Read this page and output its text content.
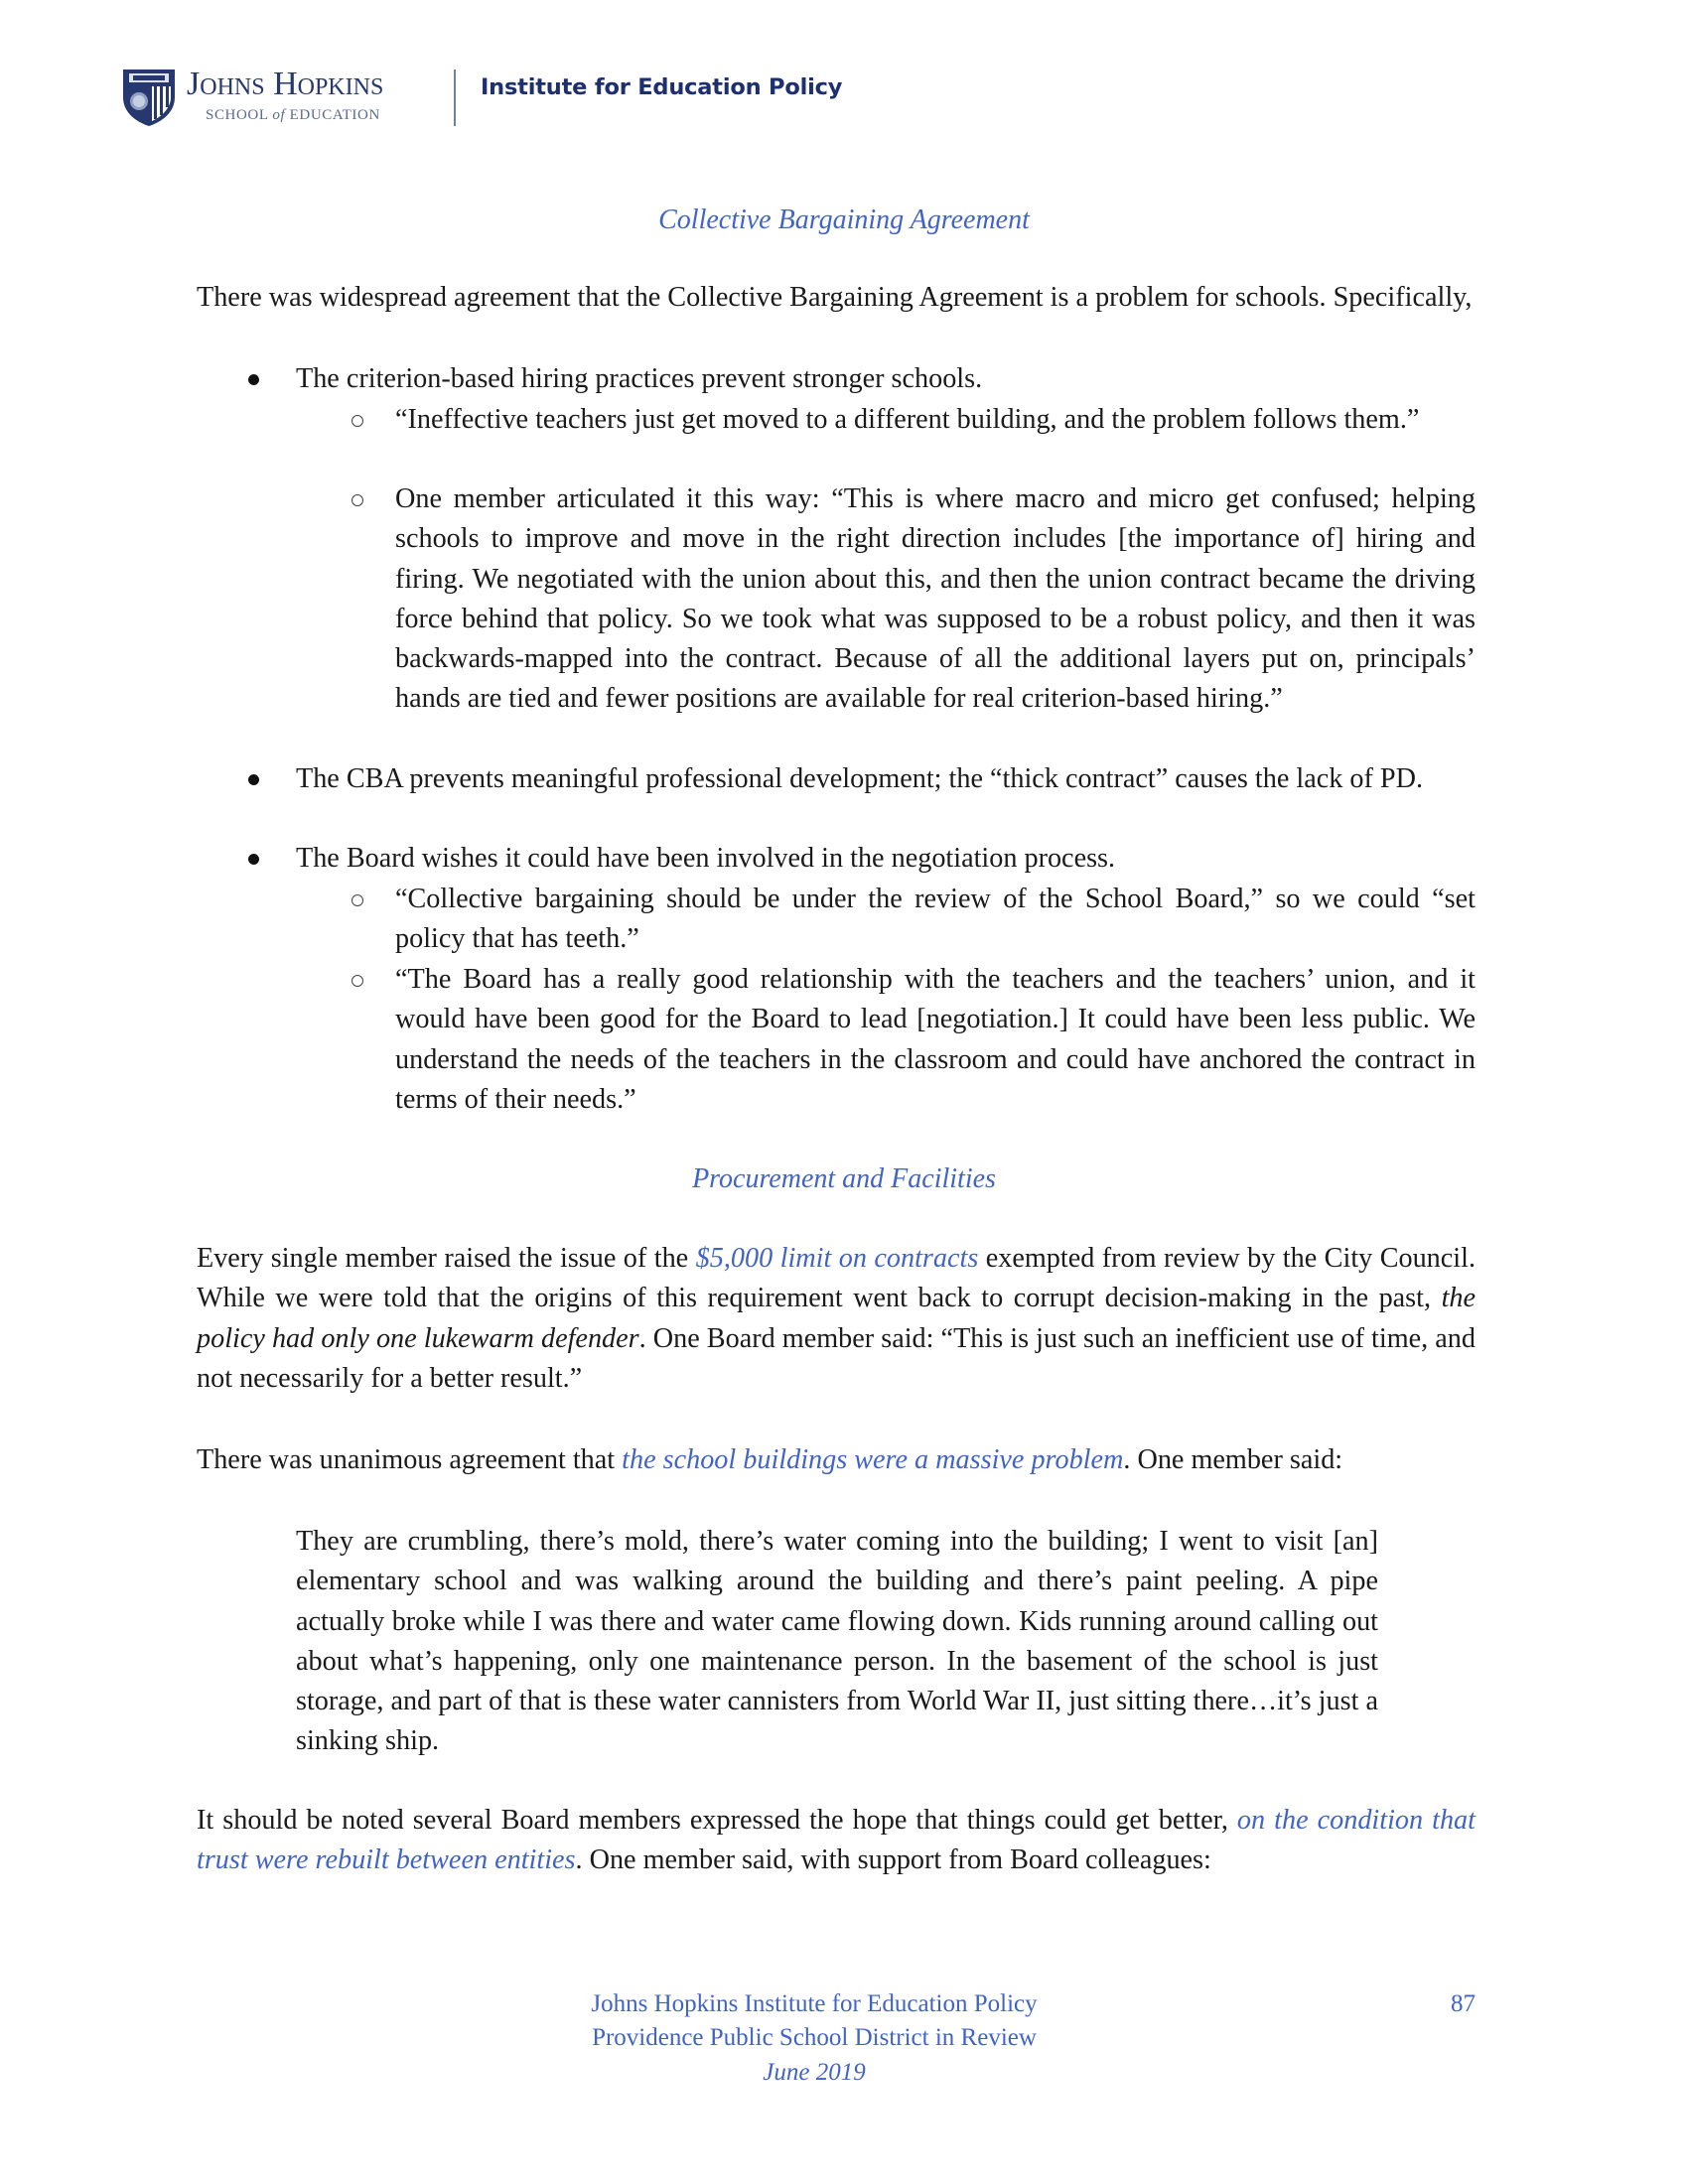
Johns Hopkins
SCHOOL of EDUCATION
Institute for Education Policy
Collective Bargaining Agreement
There was widespread agreement that the Collective Bargaining Agreement is a problem for schools. Specifically,
The criterion-based hiring practices prevent stronger schools.
“Ineffective teachers just get moved to a different building, and the problem follows them.”
One member articulated it this way: “This is where macro and micro get confused; helping schools to improve and move in the right direction includes [the importance of] hiring and firing. We negotiated with the union about this, and then the union contract became the driving force behind that policy. So we took what was supposed to be a robust policy, and then it was backwards-mapped into the contract. Because of all the additional layers put on, principals’ hands are tied and fewer positions are available for real criterion-based hiring.”
The CBA prevents meaningful professional development; the “thick contract” causes the lack of PD.
The Board wishes it could have been involved in the negotiation process.
“Collective bargaining should be under the review of the School Board,” so we could “set policy that has teeth.”
“The Board has a really good relationship with the teachers and the teachers’ union, and it would have been good for the Board to lead [negotiation.] It could have been less public. We understand the needs of the teachers in the classroom and could have anchored the contract in terms of their needs.”
Procurement and Facilities
Every single member raised the issue of the $5,000 limit on contracts exempted from review by the City Council. While we were told that the origins of this requirement went back to corrupt decision-making in the past, the policy had only one lukewarm defender. One Board member said: “This is just such an inefficient use of time, and not necessarily for a better result.”
There was unanimous agreement that the school buildings were a massive problem. One member said:
They are crumbling, there’s mold, there’s water coming into the building; I went to visit [an] elementary school and was walking around the building and there’s paint peeling. A pipe actually broke while I was there and water came flowing down. Kids running around calling out about what’s happening, only one maintenance person. In the basement of the school is just storage, and part of that is these water cannisters from World War II, just sitting there…it’s just a sinking ship.
It should be noted several Board members expressed the hope that things could get better, on the condition that trust were rebuilt between entities. One member said, with support from Board colleagues:
Johns Hopkins Institute for Education Policy
Providence Public School District in Review
June 2019
87
